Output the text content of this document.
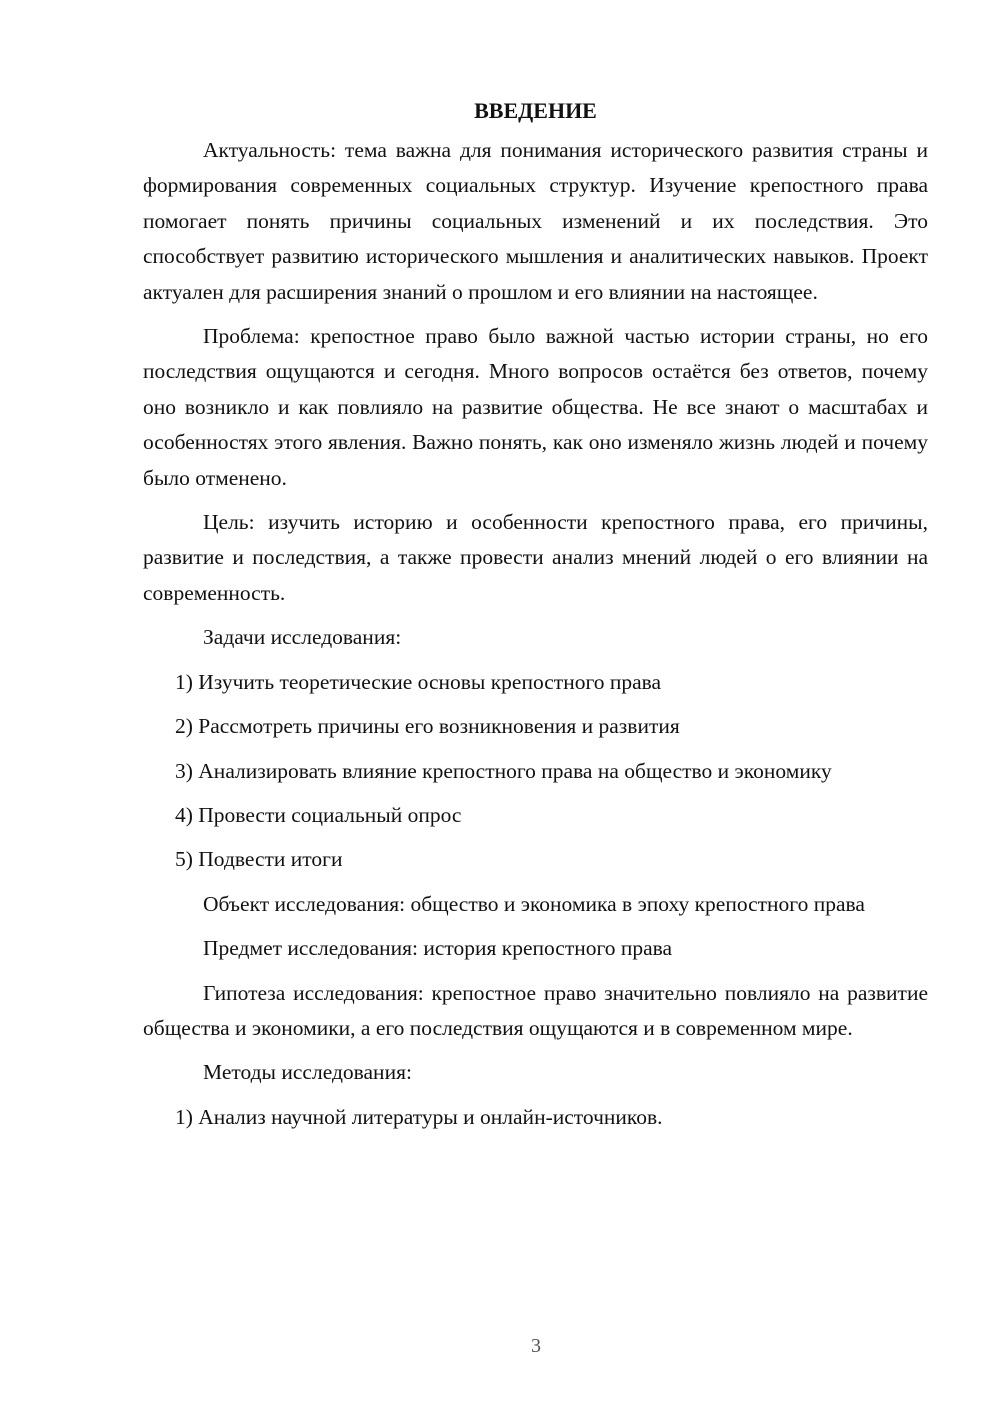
ВВЕДЕНИЕ

Актуальность: тема важна для понимания исторического развития страны и формирования современных социальных структур. Изучение крепостного права помогает понять причины социальных изменений и их последствия. Это способствует развитию исторического мышления и аналитических навыков. Проект актуален для расширения знаний о прошлом и его влиянии на настоящее.

Проблема: крепостное право было важной частью истории страны, но его последствия ощущаются и сегодня. Много вопросов остаётся без ответов, почему оно возникло и как повлияло на развитие общества. Не все знают о масштабах и особенностях этого явления. Важно понять, как оно изменяло жизнь людей и почему было отменено.

Цель: изучить историю и особенности крепостного права, его причины, развитие и последствия, а также провести анализ мнений людей о его влиянии на современность.

Задачи исследования:

1) Изучить теоретические основы крепостного права

2) Рассмотреть причины его возникновения и развития

3) Анализировать влияние крепостного права на общество и экономику

4) Провести социальный опрос

5) Подвести итоги

Объект исследования: общество и экономика в эпоху крепостного права

Предмет исследования: история крепостного права

Гипотеза исследования: крепостное право значительно повлияло на развитие общества и экономики, а его последствия ощущаются и в современном мире.

Методы исследования:

1) Анализ научной литературы и онлайн-источников.

3
